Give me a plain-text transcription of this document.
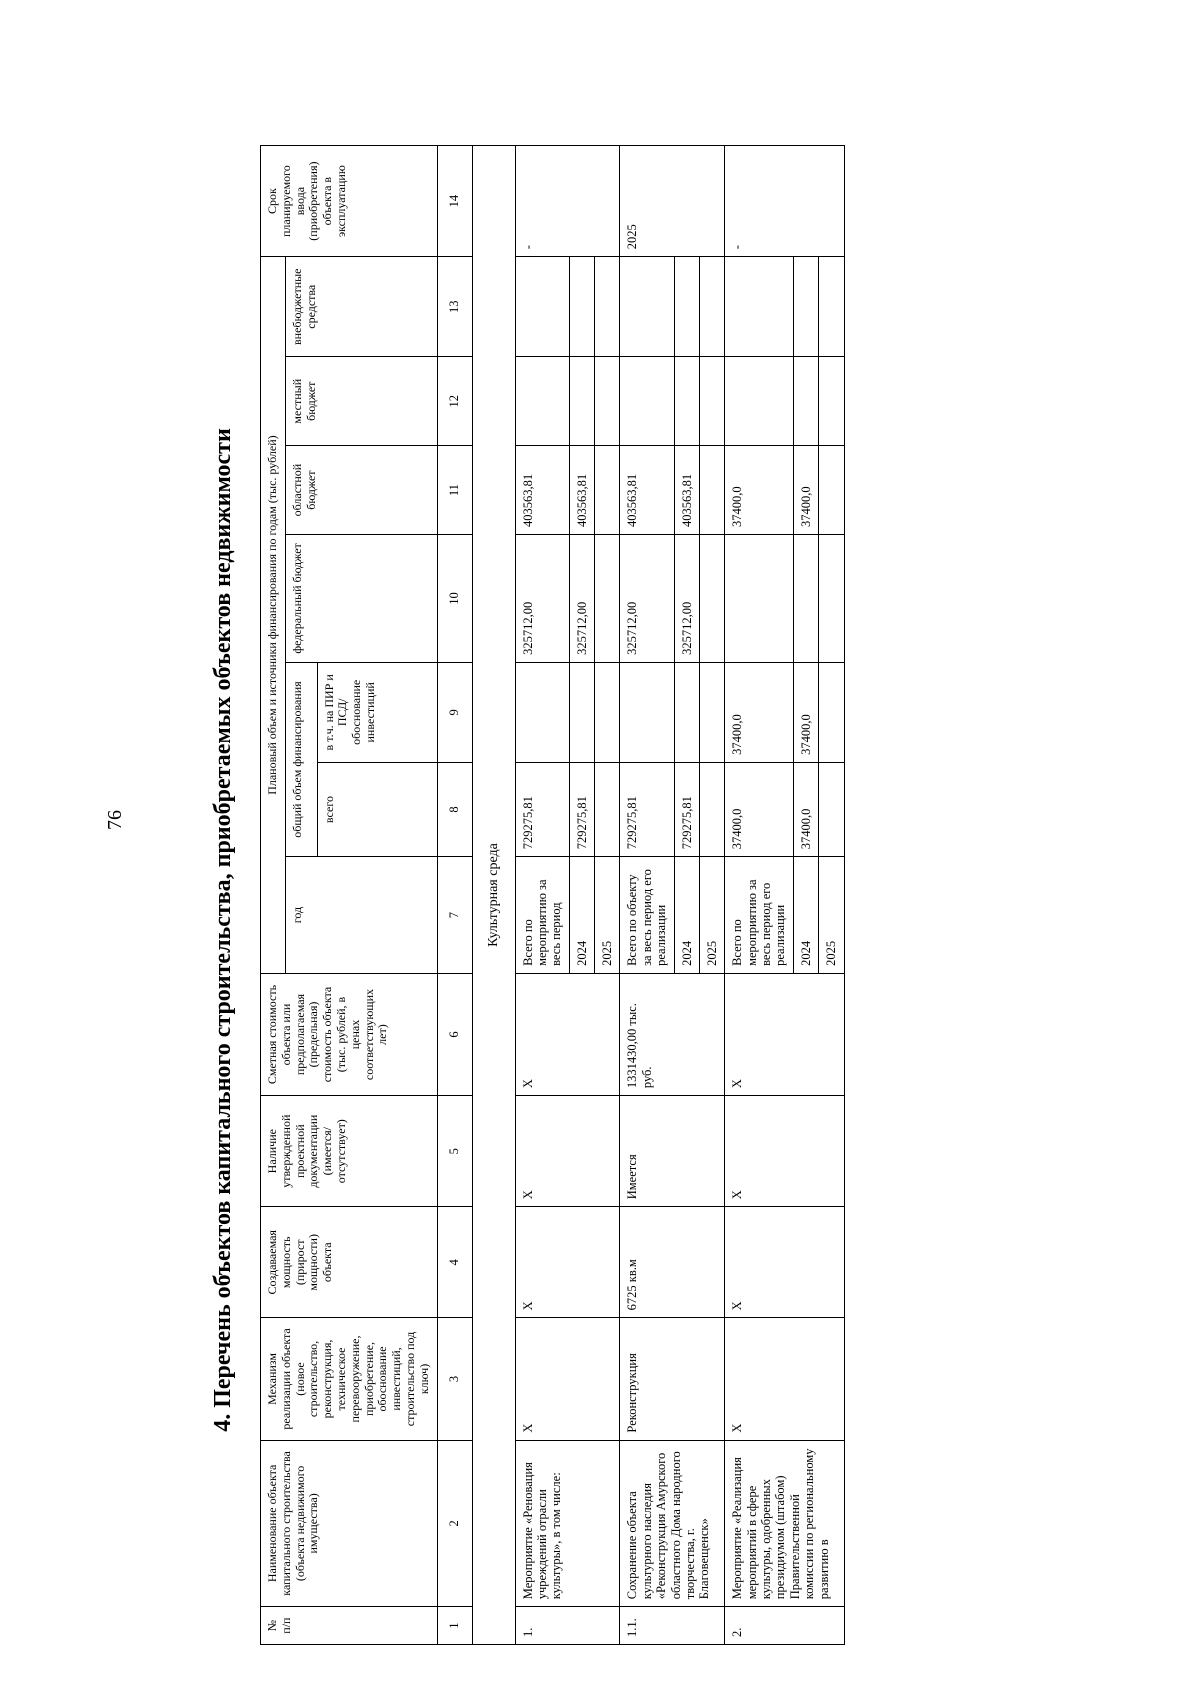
76	4. Перечень объектов капитального строительства, приобретаемых объектов недвижимости
№ п/п	Наименование объекта капитального строительства (объекта недвижимого имущества)	Механизм реализации объекта (новое строительство, реконструкция, техническое перевооружение, приобретение, обоснование инвестиций, строительство под ключ)	Создаваемая мощность (прирост мощности) объекта	Наличие утвержденной проектной документации (имеется/ отсутствует)	Сметная стоимость объекта или предполагаемая (предельная) стоимость объекта (тыс. рублей, в ценах соответствующих лет)	Плановый объем и источники финансирования по годам (тыс. рублей)							Срок планируемого ввода (приобретения) объекта в эксплуатацию
						год	общий объем финансирования		федеральный бюджет	областной бюджет	местный бюджет	внебюджетные средства	
							всего	в т.ч. на ПИР и ПСД/ обоснование инвестиций					
1	2	3	4	5	6	7	8	9	10	11	12	13	14
Культурная среда													
1.	Мероприятие «Реновация учреждений отрасли культуры», в том числе:	Х	Х	Х	Х	Всего по мероприятию за весь период	729275,81		325712,00	403563,81			-
						2024	729275,81		325712,00	403563,81			
						2025							
1.1.	Сохранение объекта культурного наследия «Реконструкция Амурского областного Дома народного творчества, г. Благовещенск»	Реконструкция	6725 кв.м	Имеется	1331430,00 тыс. руб.	Всего по объекту за весь период его реализации	729275,81		325712,00	403563,81			2025
						2024	729275,81		325712,00	403563,81			
						2025							
2.	Мероприятие «Реализация мероприятий в сфере культуры, одобренных президиумом (штабом) Правительственной комиссии по региональному развитию в	Х	Х	Х	Х	Всего по мероприятию за весь период его реализации	37400,0	37400,0		37400,0			-
						2024	37400,0	37400,0		37400,0			
						2025							
